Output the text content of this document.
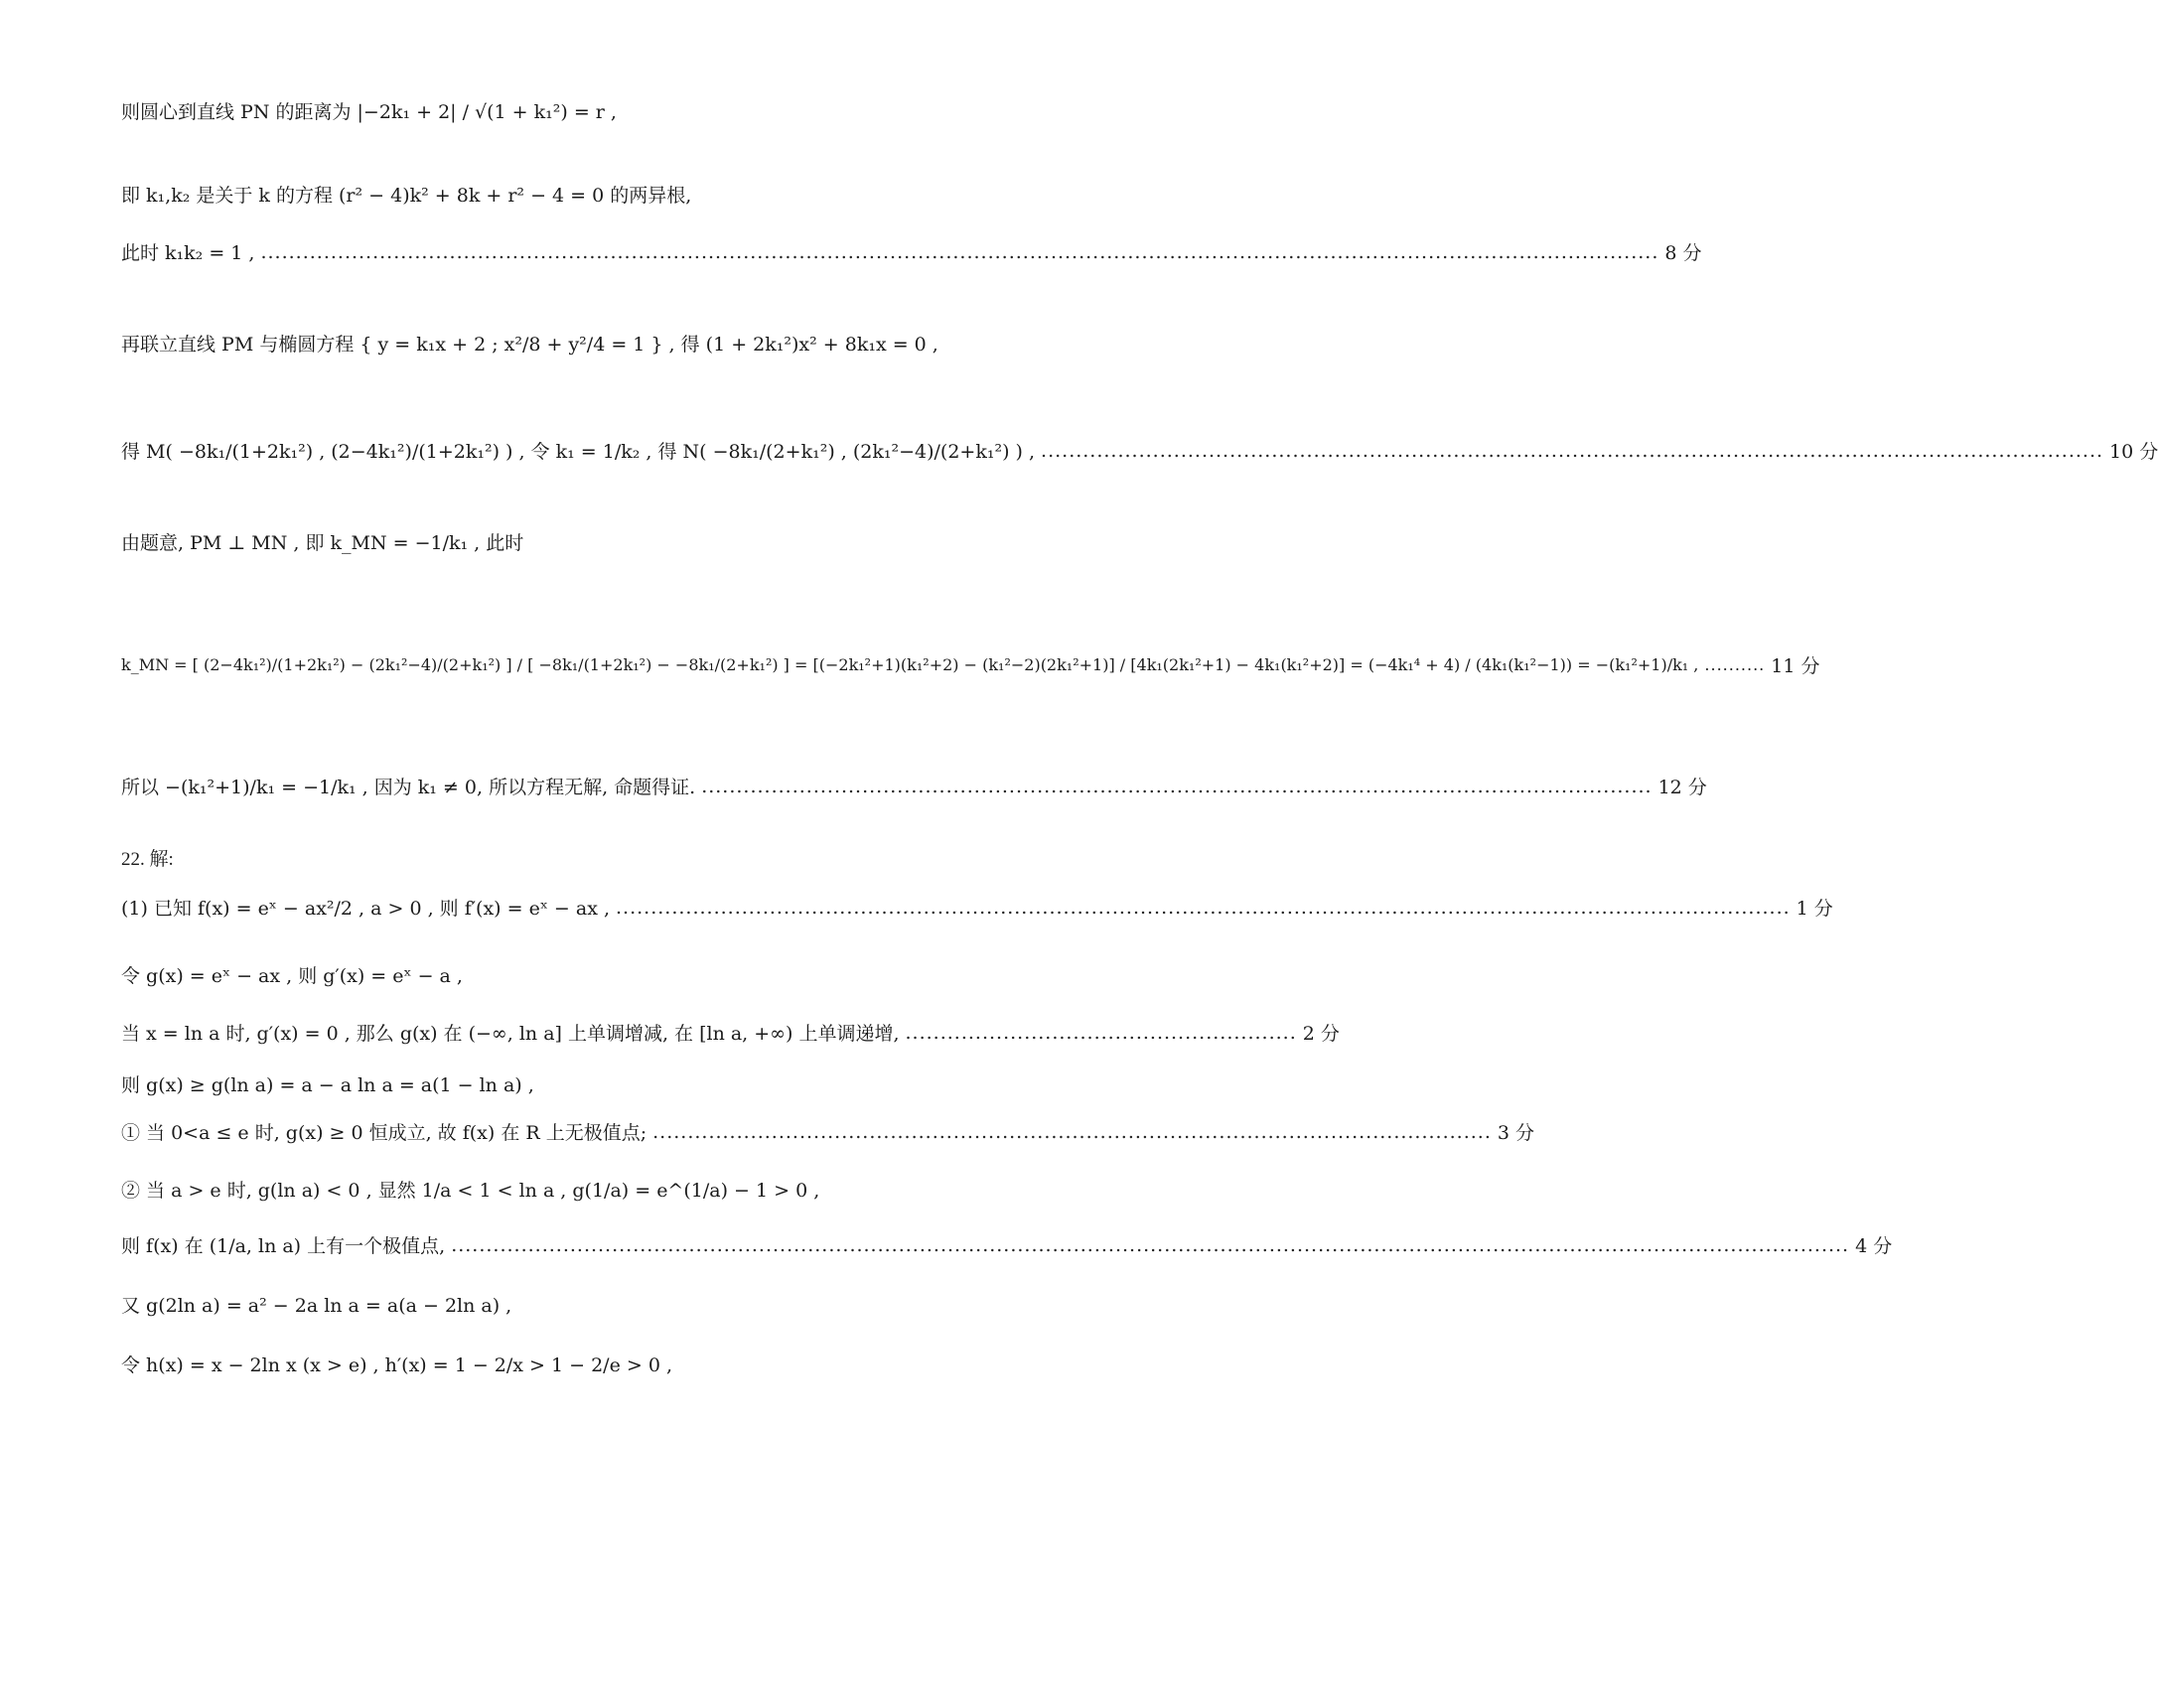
则圆心到直线 PN 的距离为 |−2k₁ + 2| / √(1 + k₁²) = r ,
即 k₁,k₂ 是关于 k 的方程 (r² − 4)k² + 8k + r² − 4 = 0 的两异根,
此时 k₁k₂ = 1 , ........................................................................................................................................................................................................ 8 分
再联立直线 PM 与椭圆方程 { y = k₁x + 2 ; x²/8 + y²/4 = 1 } , 得 (1 + 2k₁²)x² + 8k₁x = 0 ,
得 M( −8k₁/(1+2k₁²) , (2−4k₁²)/(1+2k₁²) ) , 令 k₁ = 1/k₂ , 得 N( −8k₁/(2+k₁²) , (2k₁²−4)/(2+k₁²) ) , ........................................................................................................................................................ 10 分
由题意, PM ⊥ MN , 即 k_MN = −1/k₁ , 此时
k_MN = [ (2−4k₁²)/(1+2k₁²) − (2k₁²−4)/(2+k₁²) ] / [ −8k₁/(1+2k₁²) − −8k₁/(2+k₁²) ] = [(−2k₁²+1)(k₁²+2) − (k₁²−2)(2k₁²+1)] / [4k₁(2k₁²+1) − 4k₁(k₁²+2)] = (−4k₁⁴ + 4) / (4k₁(k₁²−1)) = −(k₁²+1)/k₁ , .......... 11 分
所以 −(k₁²+1)/k₁ = −1/k₁ , 因为 k₁ ≠ 0, 所以方程无解, 命题得证. ........................................................................................................................................ 12 分
22. 解:
(1) 已知 f(x) = eˣ − ax²/2 , a > 0 , 则 f′(x) = eˣ − ax , ........................................................................................................................................................................ 1 分
令 g(x) = eˣ − ax , 则 g′(x) = eˣ − a ,
当 x = ln a 时, g′(x) = 0 , 那么 g(x) 在 (−∞, ln a] 上单调增减, 在 [ln a, +∞) 上单调递增, ........................................................ 2 分
则 g(x) ≥ g(ln a) = a − a ln a = a(1 − ln a) ,
① 当 0<a ≤ e 时, g(x) ≥ 0 恒成立, 故 f(x) 在 R 上无极值点; ........................................................................................................................ 3 分
② 当 a > e 时, g(ln a) < 0 , 显然 1/a < 1 < ln a , g(1/a) = e^(1/a) − 1 > 0 ,
则 f(x) 在 (1/a, ln a) 上有一个极值点, ........................................................................................................................................................................................................ 4 分
又 g(2ln a) = a² − 2a ln a = a(a − 2ln a) ,
令 h(x) = x − 2ln x (x > e) , h′(x) = 1 − 2/x > 1 − 2/e > 0 ,
